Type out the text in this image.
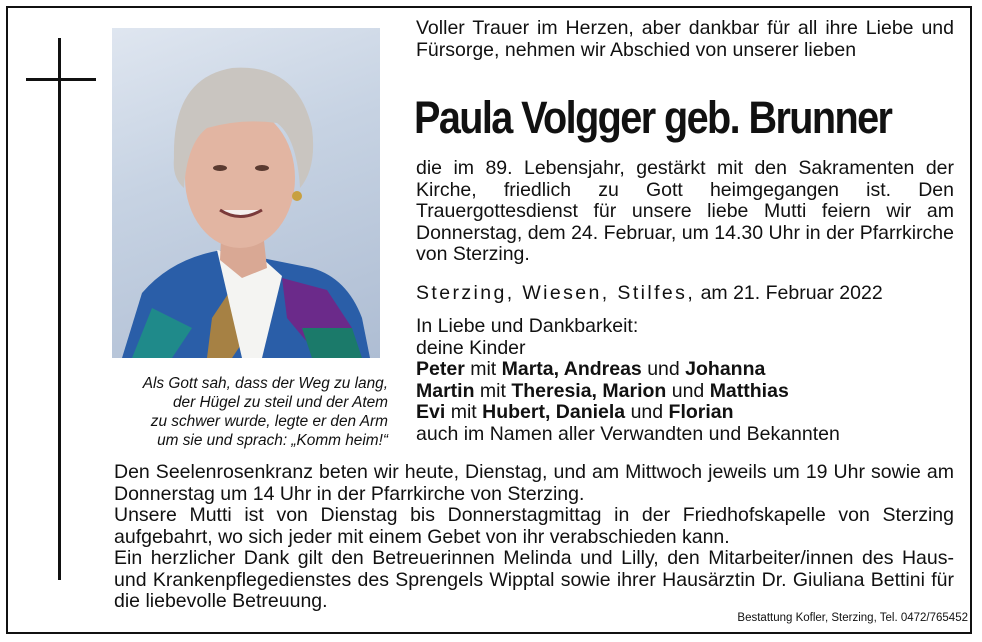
Als Gott sah, dass der Weg zu lang,
der Hügel zu steil und der Atem
zu schwer wurde, legte er den Arm
um sie und sprach: „Komm heim!“
Voller Trauer im Herzen, aber dankbar für all ihre Liebe und Fürsorge, nehmen wir Abschied von unserer lieben
Paula Volgger geb. Brunner
die im 89. Lebensjahr, gestärkt mit den Sakramenten der Kirche, friedlich zu Gott heimgegangen ist. Den Trauergottesdienst für unsere liebe Mutti feiern wir am Donnerstag, dem 24. Februar, um 14.30 Uhr in der Pfarrkirche von Sterzing.
Sterzing, Wiesen, Stilfes, am 21. Februar 2022
In Liebe und Dankbarkeit:
deine Kinder
Peter mit Marta, Andreas und Johanna
Martin mit Theresia, Marion und Matthias
Evi mit Hubert, Daniela und Florian
auch im Namen aller Verwandten und Bekannten

Den Seelenrosenkranz beten wir heute, Dienstag, und am Mittwoch jeweils um 19 Uhr sowie am Donnerstag um 14 Uhr in der Pfarrkirche von Sterzing.

Unsere Mutti ist von Dienstag bis Donnerstagmittag in der Friedhofskapelle von Sterzing aufgebahrt, wo sich jeder mit einem Gebet von ihr verabschieden kann.

Ein herzlicher Dank gilt den Betreuerinnen Melinda und Lilly, den Mitarbeiter/innen des Haus- und Krankenpflegedienstes des Sprengels Wipptal sowie ihrer Hausärztin Dr. Giuliana Bettini für die liebevolle Betreuung.

Bestattung Kofler, Sterzing, Tel. 0472/765452
